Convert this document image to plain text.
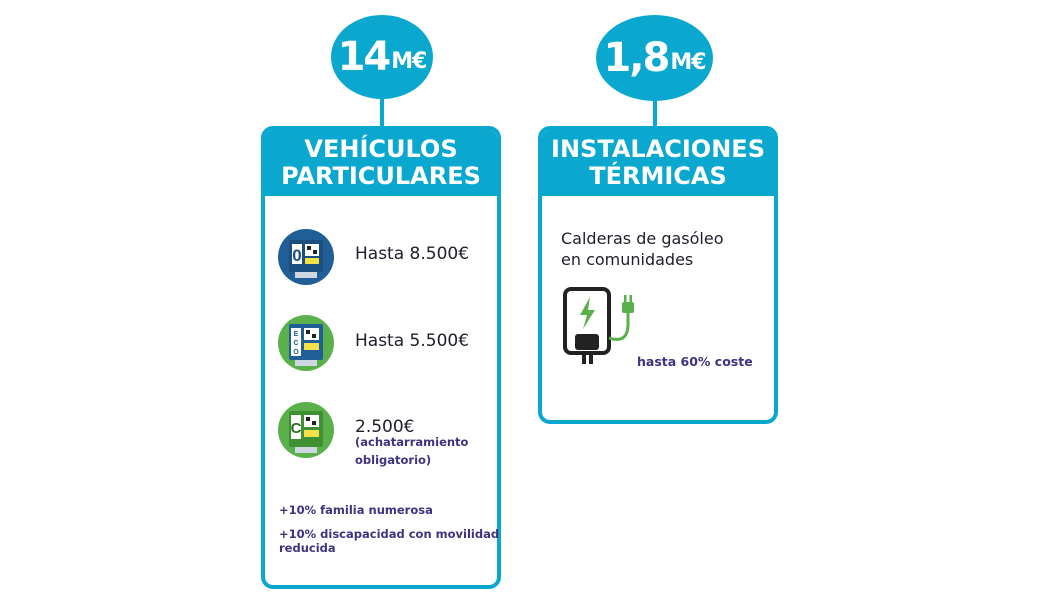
14 M€
VEHÍCULOS
PARTICULARES
0
E
C
O
C
Hasta 8.500€
Hasta 5.500€
2.500€
(achatarramiento
obligatorio)
+10% familia numerosa
+10% discapacidad con movilidad
reducida
1,8 M€
INSTALACIONES
TÉRMICAS
Calderas de gasóleo
en comunidades
hasta 60% coste
